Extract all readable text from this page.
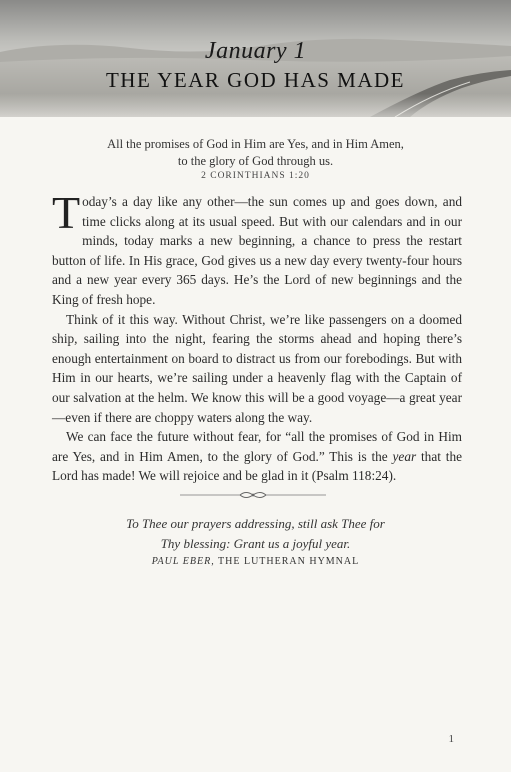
January 1
THE YEAR GOD HAS MADE
All the promises of God in Him are Yes, and in Him Amen,
to the glory of God through us.
2 CORINTHIANS 1:20

Today’s a day like any other—the sun comes up and goes down, and time clicks along at its usual speed. But with our calendars and in our minds, today marks a new beginning, a chance to press the restart button of life. In His grace, God gives us a new day every twenty-four hours and a new year every 365 days. He’s the Lord of new beginnings and the King of fresh hope.

Think of it this way. Without Christ, we’re like passengers on a doomed ship, sailing into the night, fearing the storms ahead and hoping there’s enough entertainment on board to distract us from our forebodings. But with Him in our hearts, we’re sailing under a heavenly flag with the Captain of our salvation at the helm. We know this will be a good voyage—a great year—even if there are choppy waters along the way.

We can face the future without fear, for “all the promises of God in Him are Yes, and in Him Amen, to the glory of God.” This is the year that the Lord has made! We will rejoice and be glad in it (Psalm 118:24).

To Thee our prayers addressing, still ask Thee for
Thy blessing: Grant us a joyful year.
PAUL EBER, THE LUTHERAN HYMNAL
1
